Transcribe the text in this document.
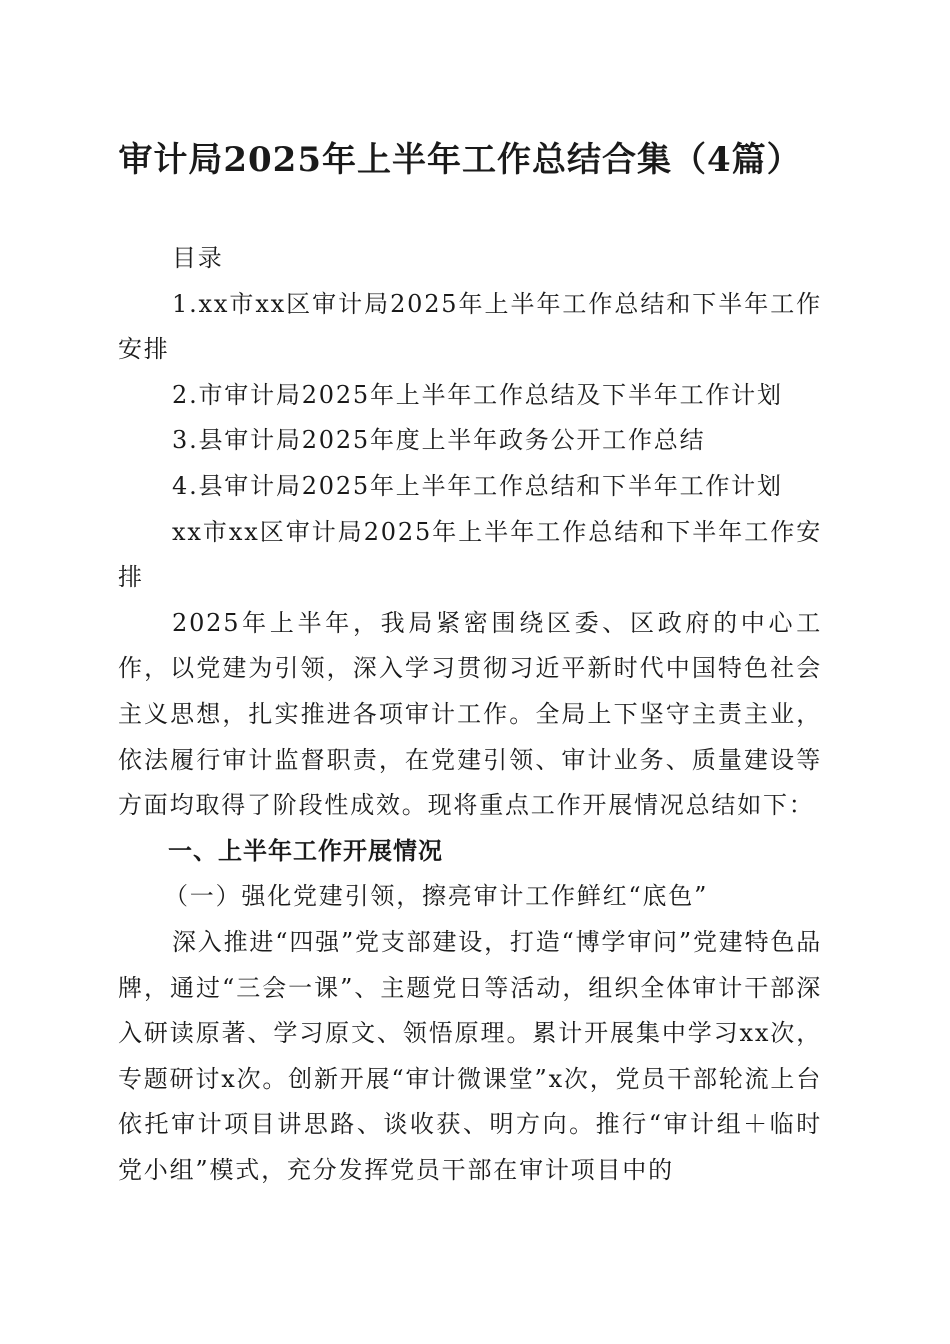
审计局2025年上半年工作总结合集（4篇）

目录

1.xx市xx区审计局2025年上半年工作总结和下半年工作安排

2.市审计局2025年上半年工作总结及下半年工作计划

3.县审计局2025年度上半年政务公开工作总结

4.县审计局2025年上半年工作总结和下半年工作计划

xx市xx区审计局2025年上半年工作总结和下半年工作安排

2025年上半年，我局紧密围绕区委、区政府的中心工作，以党建为引领，深入学习贯彻习近平新时代中国特色社会主义思想，扎实推进各项审计工作。全局上下坚守主责主业，依法履行审计监督职责，在党建引领、审计业务、质量建设等方面均取得了阶段性成效。现将重点工作开展情况总结如下：

一、上半年工作开展情况

（一）强化党建引领，擦亮审计工作鲜红“底色”

深入推进“四强”党支部建设，打造“博学审问”党建特色品牌，通过“三会一课”、主题党日等活动，组织全体审计干部深入研读原著、学习原文、领悟原理。累计开展集中学习xx次，专题研讨x次。创新开展“审计微课堂”x次，党员干部轮流上台依托审计项目讲思路、谈收获、明方向。推行“审计组＋临时党小组”模式，充分发挥党员干部在审计项目中的
